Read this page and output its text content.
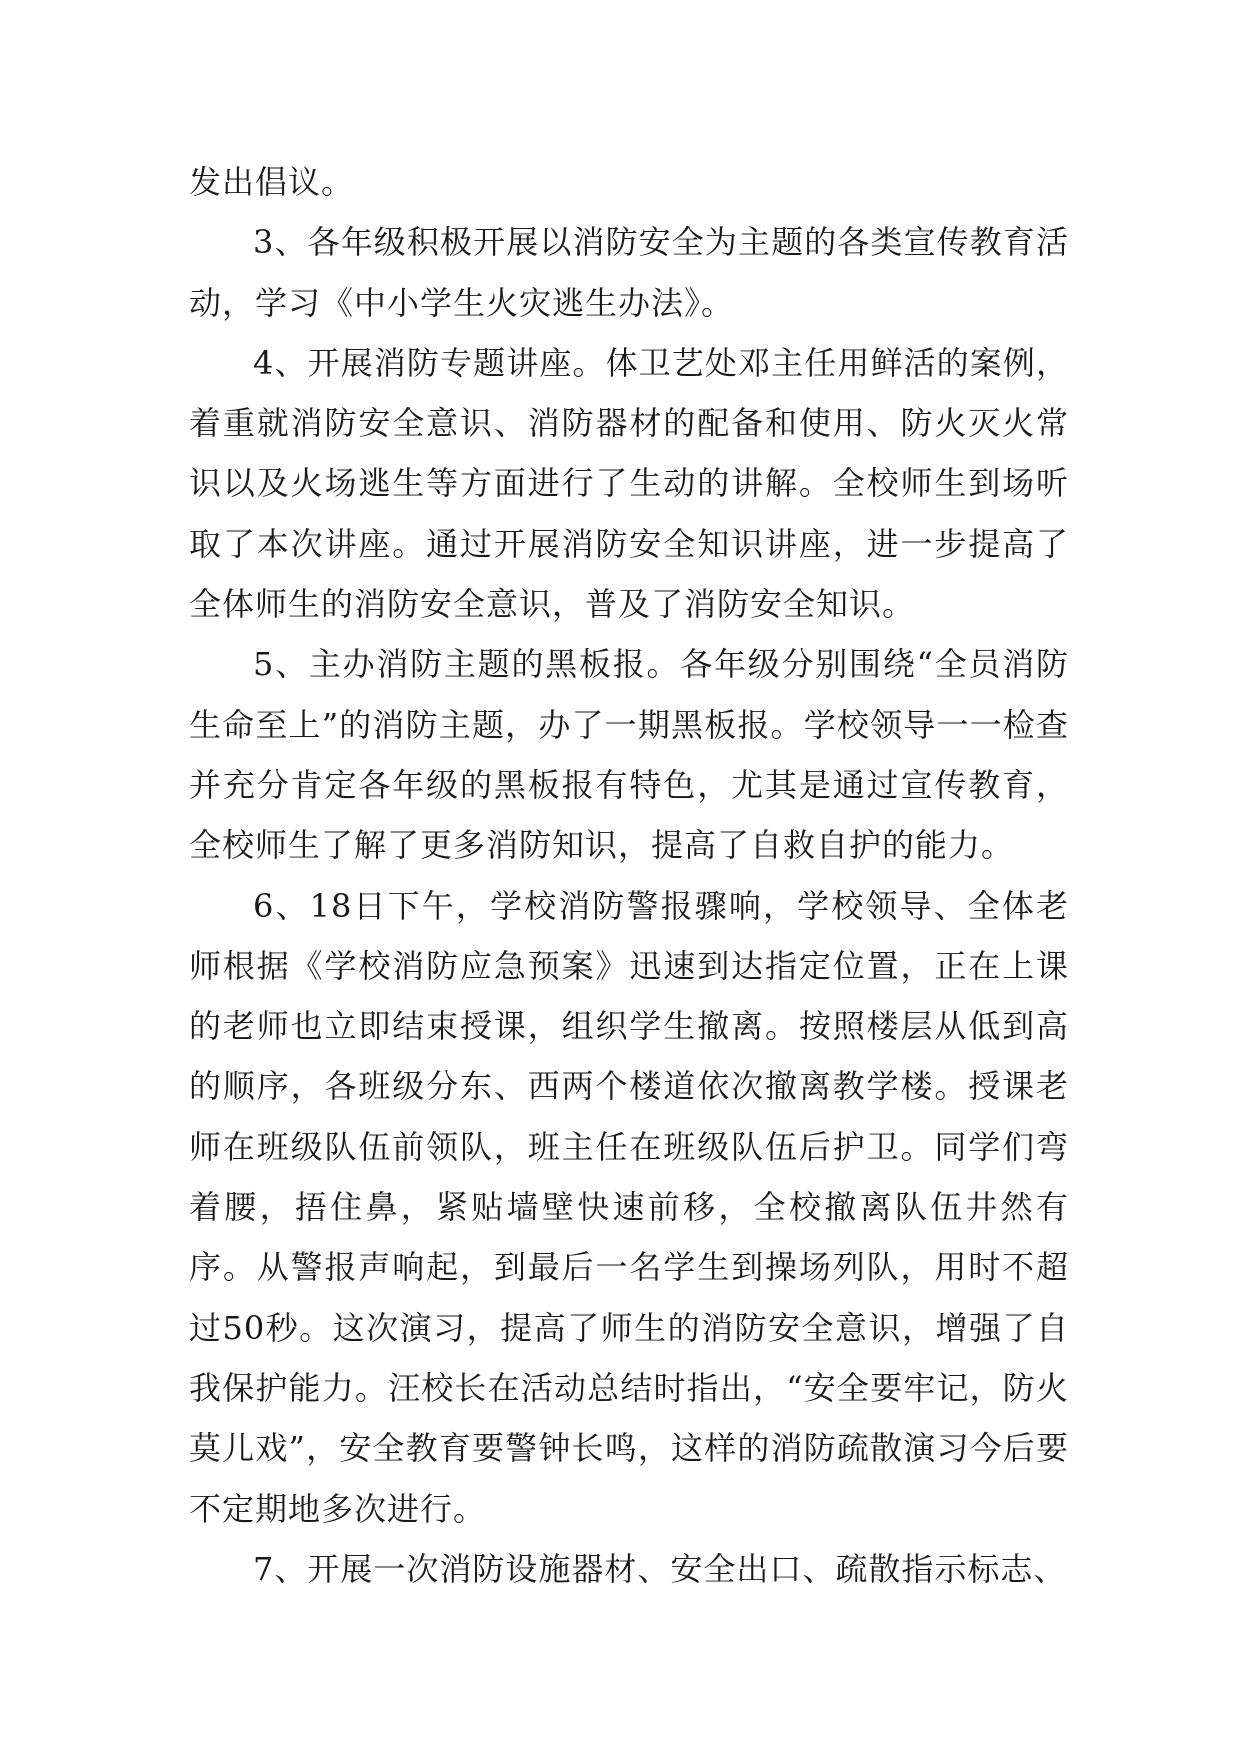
发出倡议。

3、各年级积极开展以消防安全为主题的各类宣传教育活动，学习《中小学生火灾逃生办法》。

4、开展消防专题讲座。体卫艺处邓主任用鲜活的案例，着重就消防安全意识、消防器材的配备和使用、防火灭火常识以及火场逃生等方面进行了生动的讲解。全校师生到场听取了本次讲座。通过开展消防安全知识讲座，进一步提高了全体师生的消防安全意识，普及了消防安全知识。

5、主办消防主题的黑板报。各年级分别围绕“全员消防生命至上”的消防主题，办了一期黑板报。学校领导一一检查并充分肯定各年级的黑板报有特色，尤其是通过宣传教育，全校师生了解了更多消防知识，提高了自救自护的能力。

6、18日下午，学校消防警报骤响，学校领导、全体老师根据《学校消防应急预案》迅速到达指定位置，正在上课的老师也立即结束授课，组织学生撤离。按照楼层从低到高的顺序，各班级分东、西两个楼道依次撤离教学楼。授课老师在班级队伍前领队，班主任在班级队伍后护卫。同学们弯着腰，捂住鼻，紧贴墙壁快速前移，全校撤离队伍井然有序。从警报声响起，到最后一名学生到操场列队，用时不超过50秒。这次演习，提高了师生的消防安全意识，增强了自我保护能力。汪校长在活动总结时指出，“安全要牢记，防火莫儿戏”，安全教育要警钟长鸣，这样的消防疏散演习今后要不定期地多次进行。

7、开展一次消防设施器材、安全出口、疏散指示标志、
